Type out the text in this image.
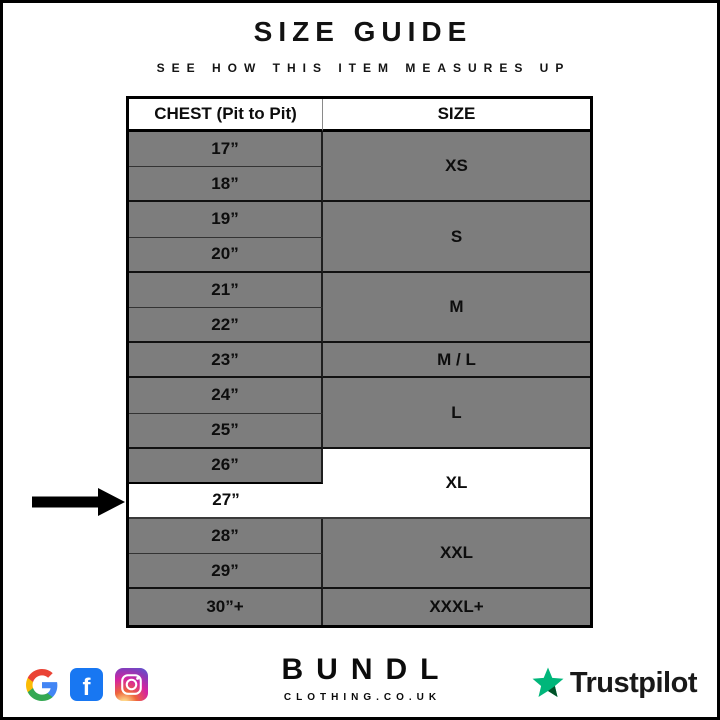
SIZE GUIDE
SEE HOW THIS ITEM MEASURES UP
CHEST (Pit to Pit)	SIZE
17”
18”
19”
20”
21”
22”
23”
24”
25”
26”
27”
28”
29”
30”+
XS
S
M
M / L
L
XL
XXL
XXXL+
f
BUNDL
CLOTHING.CO.UK	Trustpilot
